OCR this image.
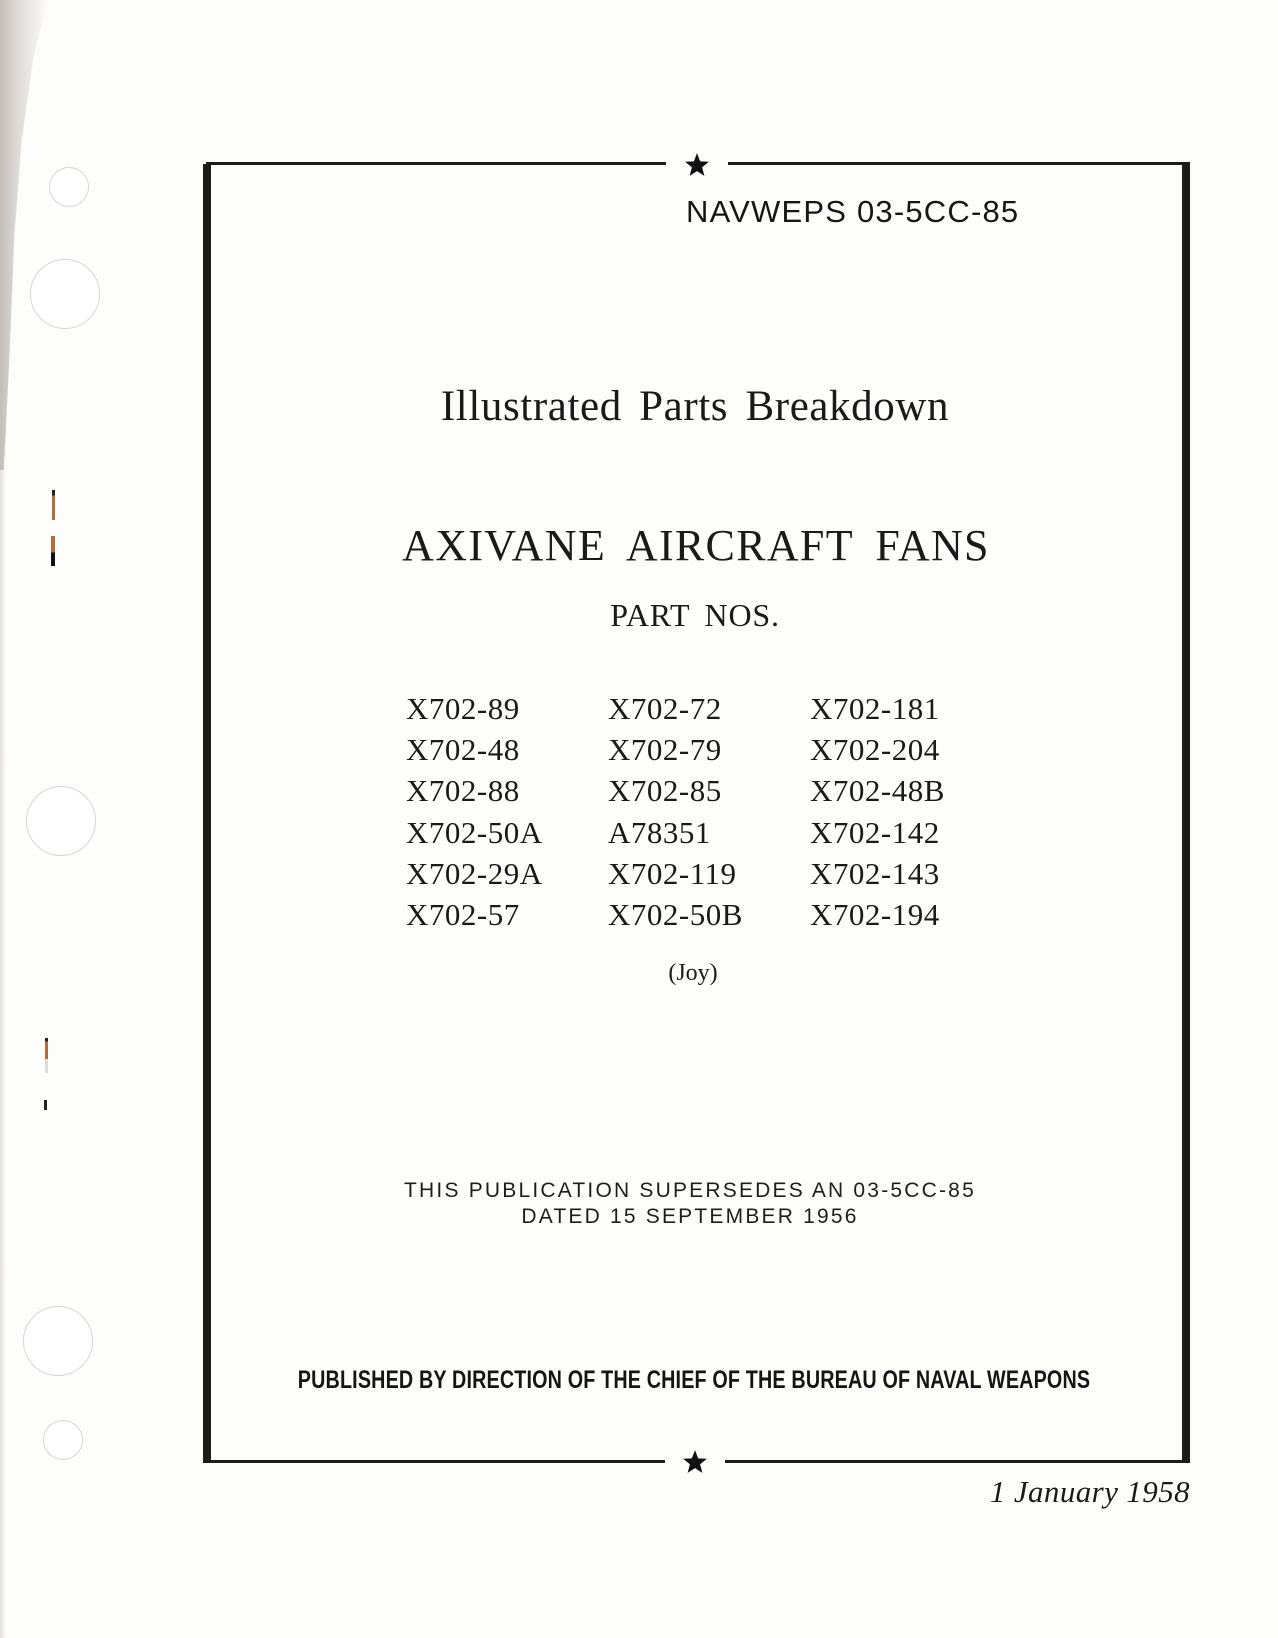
NAVWEPS 03-5CC-85
Illustrated Parts Breakdown
AXIVANE AIRCRAFT FANS
PART NOS.
X702-89
X702-48
X702-88
X702-50A
X702-29A
X702-57
X702-72
X702-79
X702-85
A78351
X702-119
X702-50B
X702-181
X702-204
X702-48B
X702-142
X702-143
X702-194
(Joy)
THIS PUBLICATION SUPERSEDES AN 03-5CC-85
DATED 15 SEPTEMBER 1956
PUBLISHED BY DIRECTION OF THE CHIEF OF THE BUREAU OF NAVAL WEAPONS
1 January 1958
